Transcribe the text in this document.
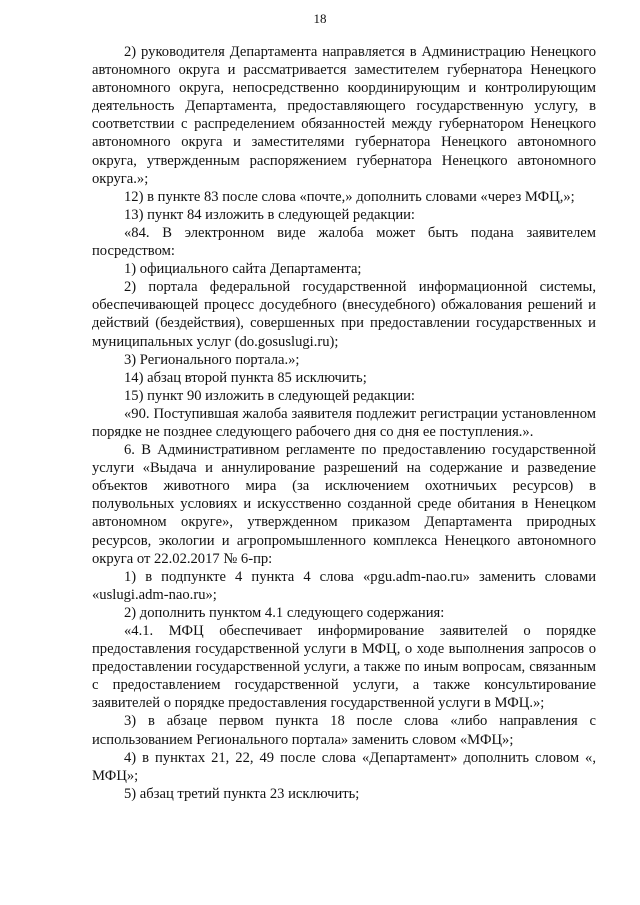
18

2) руководителя Департамента направляется в Администрацию Ненецкого автономного округа и рассматривается заместителем губернатора Ненецкого автономного округа, непосредственно координирующим и контролирующим деятельность Департамента, предоставляющего государственную услугу, в соответствии с распределением обязанностей между губернатором Ненецкого автономного округа и заместителями губернатора Ненецкого автономного округа, утвержденным распоряжением губернатора Ненецкого автономного округа.»;

12) в пункте 83 после слова «почте,» дополнить словами «через МФЦ,»;

13) пункт 84 изложить в следующей редакции:

«84. В электронном виде жалоба может быть подана заявителем посредством:

1) официального сайта Департамента;

2) портала федеральной государственной информационной системы, обеспечивающей процесс досудебного (внесудебного) обжалования решений и действий (бездействия), совершенных при предоставлении государственных и муниципальных услуг (do.gosuslugi.ru);

3) Регионального портала.»;

14) абзац второй пункта 85 исключить;

15) пункт 90 изложить в следующей редакции:

«90. Поступившая жалоба заявителя подлежит регистрации установленном порядке не позднее следующего рабочего дня со дня ее поступления.».

6. В Административном регламенте по предоставлению государственной услуги «Выдача и аннулирование разрешений на содержание и разведение объектов животного мира (за исключением охотничьих ресурсов) в полувольных условиях и искусственно созданной среде обитания в Ненецком автономном округе», утвержденном приказом Департамента природных ресурсов, экологии и агропромышленного комплекса Ненецкого автономного округа от 22.02.2017 № 6-пр:

1) в подпункте 4 пункта 4 слова «pgu.adm-nao.ru» заменить словами «uslugi.adm-nao.ru»;

2) дополнить пунктом 4.1 следующего содержания:

«4.1. МФЦ обеспечивает информирование заявителей о порядке предоставления государственной услуги в МФЦ, о ходе выполнения запросов о предоставлении государственной услуги, а также по иным вопросам, связанным с предоставлением государственной услуги, а также консультирование заявителей о порядке предоставления государственной услуги в МФЦ.»;

3) в абзаце первом пункта 18 после слова «либо направления с использованием Регионального портала» заменить словом «МФЦ»;

4) в пунктах 21, 22, 49 после слова «Департамент» дополнить словом «, МФЦ»;

5) абзац третий пункта 23 исключить;
